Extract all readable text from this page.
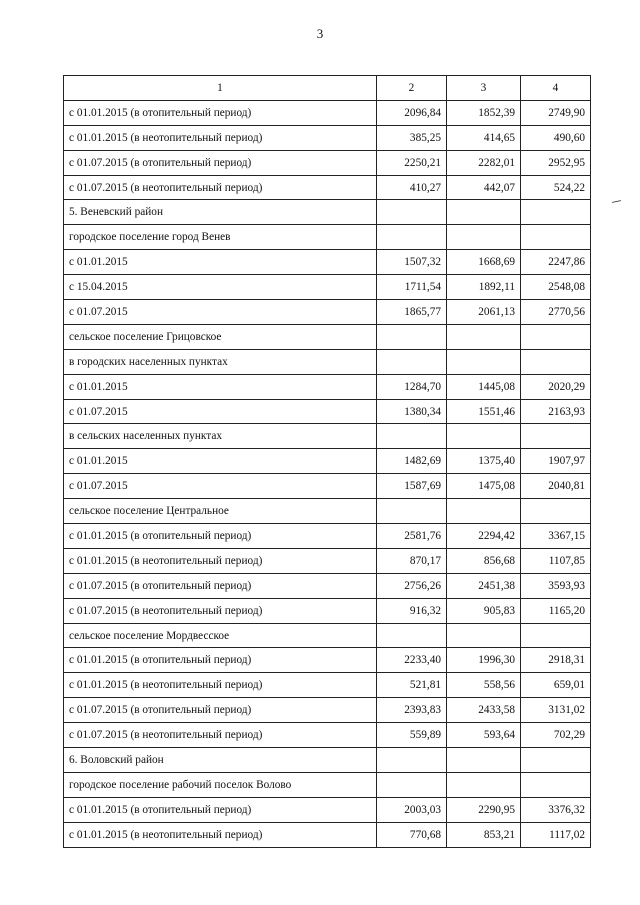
3
1	2	3	4
с 01.01.2015 (в отопительный период)	2096,84	1852,39	2749,90
с 01.01.2015 (в неотопительный период)	385,25	414,65	490,60
с 01.07.2015 (в отопительный период)	2250,21	2282,01	2952,95
с 01.07.2015 (в неотопительный период)	410,27	442,07	524,22
5. Веневский район			
городское поселение город Венев			
с 01.01.2015	1507,32	1668,69	2247,86
с 15.04.2015	1711,54	1892,11	2548,08
с 01.07.2015	1865,77	2061,13	2770,56
сельское поселение Грицовское			
в городских населенных пунктах			
с 01.01.2015	1284,70	1445,08	2020,29
с 01.07.2015	1380,34	1551,46	2163,93
в сельских населенных пунктах			
с 01.01.2015	1482,69	1375,40	1907,97
с 01.07.2015	1587,69	1475,08	2040,81
сельское поселение Центральное			
с 01.01.2015 (в отопительный период)	2581,76	2294,42	3367,15
с 01.01.2015 (в неотопительный период)	870,17	856,68	1107,85
с 01.07.2015 (в отопительный период)	2756,26	2451,38	3593,93
с 01.07.2015 (в неотопительный период)	916,32	905,83	1165,20
сельское поселение Мордвесское			
с 01.01.2015 (в отопительный период)	2233,40	1996,30	2918,31
с 01.01.2015 (в неотопительный период)	521,81	558,56	659,01
с 01.07.2015 (в отопительный период)	2393,83	2433,58	3131,02
с 01.07.2015 (в неотопительный период)	559,89	593,64	702,29
6. Воловский район			
городское поселение рабочий поселок Волово			
с 01.01.2015 (в отопительный период)	2003,03	2290,95	3376,32
с 01.01.2015 (в неотопительный период)	770,68	853,21	1117,02
